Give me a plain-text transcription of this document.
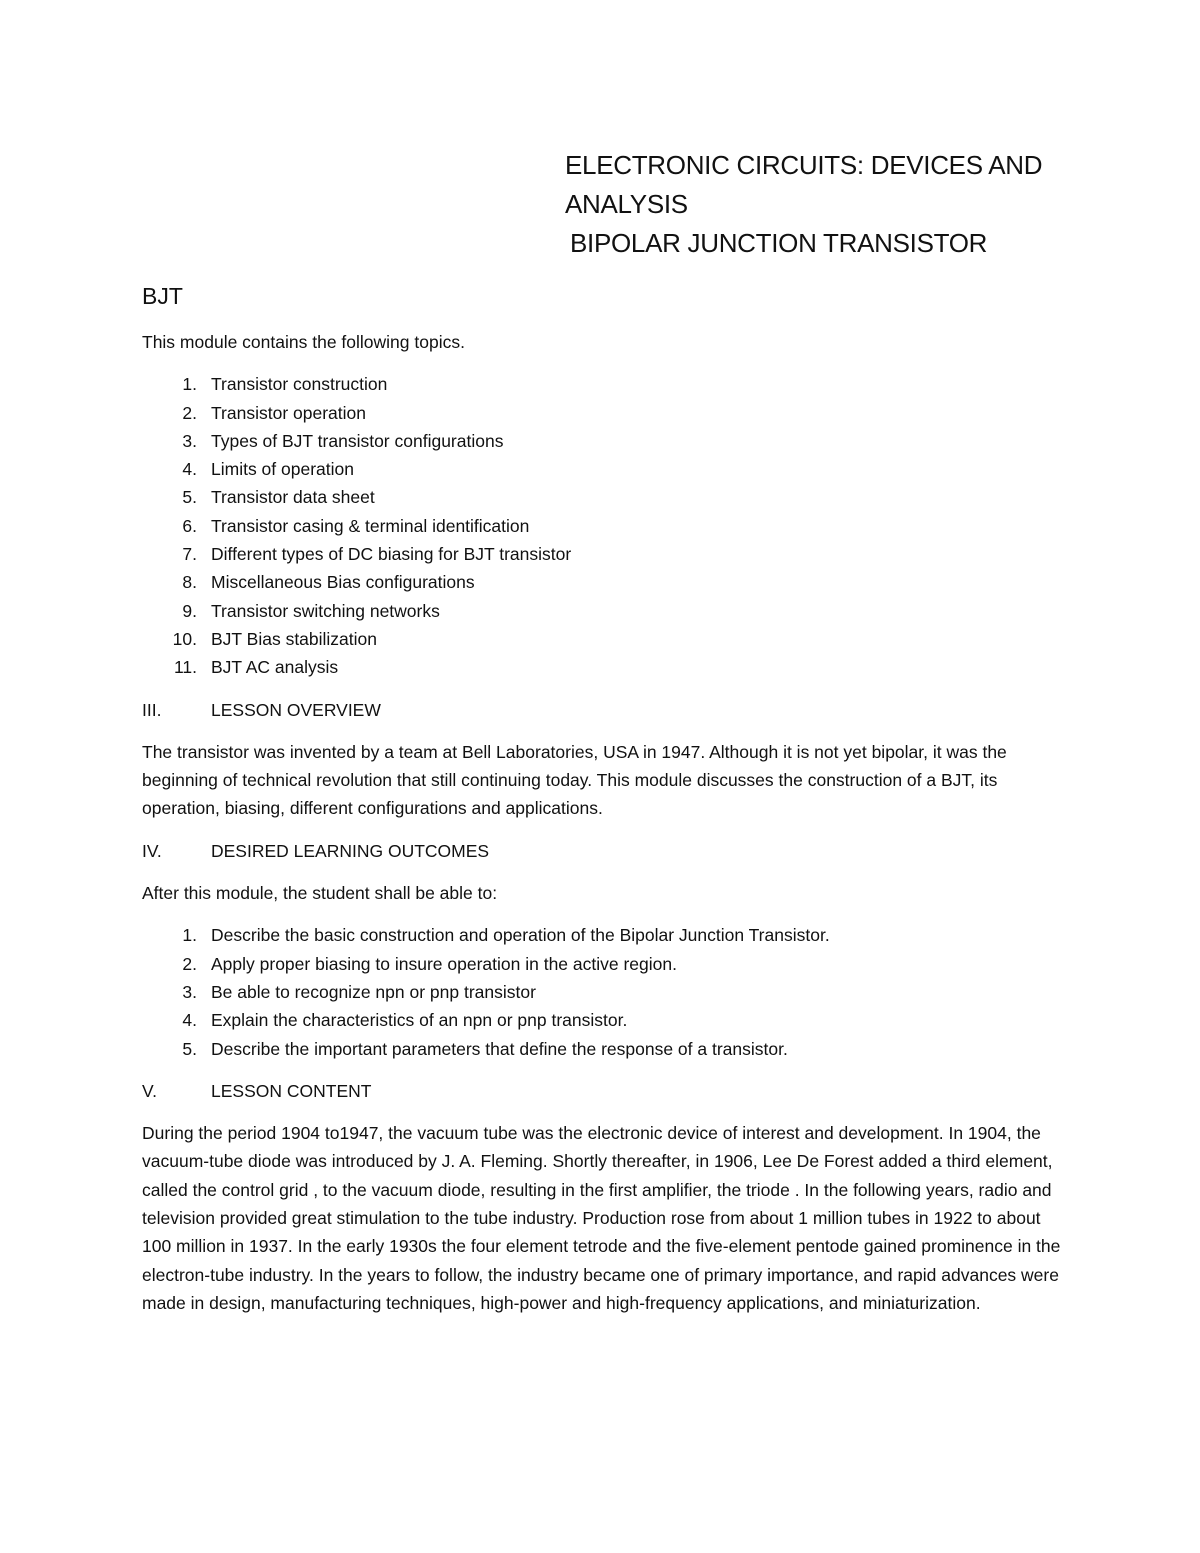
ELECTRONIC CIRCUITS: DEVICES AND
ANALYSIS
BIPOLAR JUNCTION TRANSISTOR
BJT

This module contains the following topics.

1. Transistor construction
2. Transistor operation
3. Types of BJT transistor configurations
4. Limits of operation
5. Transistor data sheet
6. Transistor casing & terminal identification
7. Different types of DC biasing for BJT transistor
8. Miscellaneous Bias configurations
9. Transistor switching networks
10. BJT Bias stabilization
11. BJT AC analysis
III.	LESSON OVERVIEW

The transistor was invented by a team at Bell Laboratories, USA in 1947. Although it is not yet bipolar, it was the beginning of technical revolution that still continuing today. This module discusses the construction of a BJT, its operation, biasing, different configurations and applications.

IV.	DESIRED LEARNING OUTCOMES

After this module, the student shall be able to:

1. Describe the basic construction and operation of the Bipolar Junction Transistor.
2. Apply proper biasing to insure operation in the active region.
3. Be able to recognize npn or pnp transistor
4. Explain the characteristics of an npn or pnp transistor.
5. Describe the important parameters that define the response of a transistor.
V.	LESSON CONTENT

During the period 1904 to1947, the vacuum tube was the electronic device of interest and development. In 1904, the vacuum-tube diode was introduced by J. A. Fleming. Shortly thereafter, in 1906, Lee De Forest added a third element, called the control grid , to the vacuum diode, resulting in the first amplifier, the triode . In the following years, radio and television provided great stimulation to the tube industry. Production rose from about 1 million tubes in 1922 to about 100 million in 1937. In the early 1930s the four element tetrode and the five-element pentode gained prominence in the electron-tube industry. In the years to follow, the industry became one of primary importance, and rapid advances were made in design, manufacturing techniques, high-power and high-frequency applications, and miniaturization.
